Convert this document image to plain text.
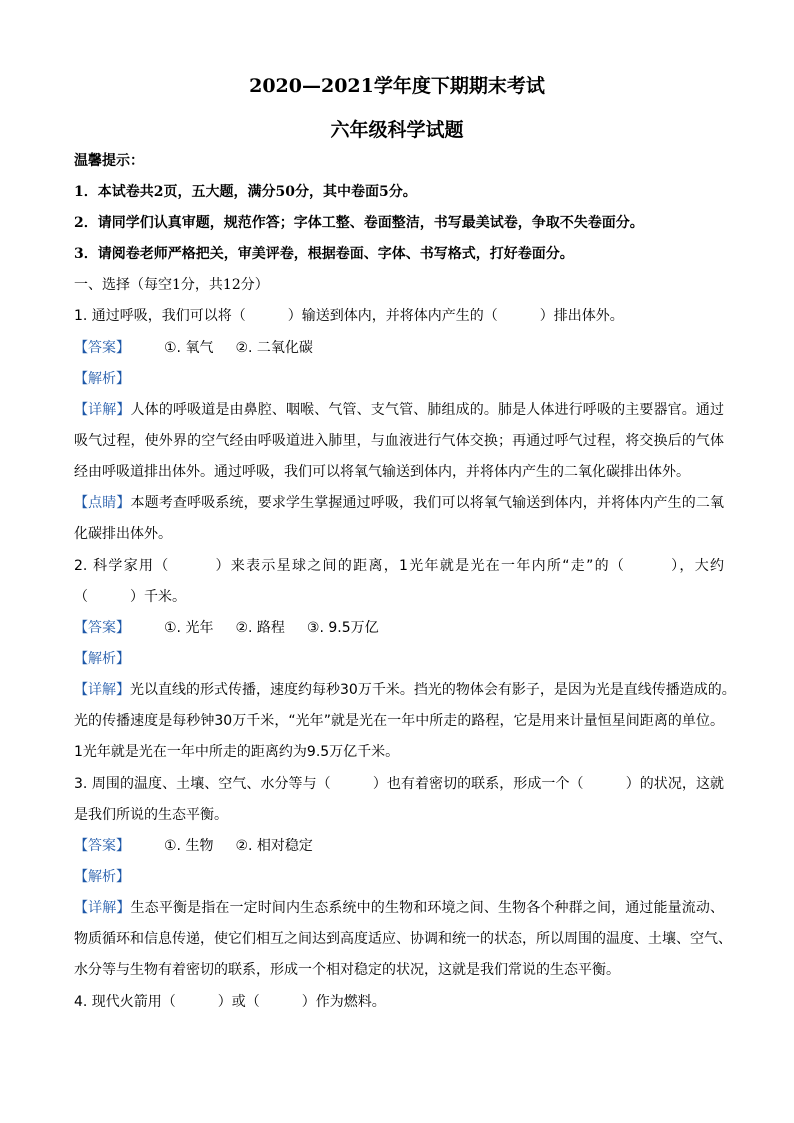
2020—2021学年度下期期末考试
六年级科学试题
温馨提示：
1．本试卷共2页，五大题，满分50分，其中卷面5分。
2．请同学们认真审题，规范作答；字体工整、卷面整洁，书写最美试卷，争取不失卷面分。
3．请阅卷老师严格把关，审美评卷，根据卷面、字体、书写格式，打好卷面分。
一、选择（每空1分，共12分）
1. 通过呼吸，我们可以将（　　　）输送到体内，并将体内产生的（　　　）排出体外。
【答案】 ①. 氧气 ②. 二氧化碳
【解析】
【详解】人体的呼吸道是由鼻腔、咽喉、气管、支气管、肺组成的。肺是人体进行呼吸的主要器官。通过
吸气过程，使外界的空气经由呼吸道进入肺里，与血液进行气体交换；再通过呼气过程，将交换后的气体
经由呼吸道排出体外。通过呼吸，我们可以将氧气输送到体内，并将体内产生的二氧化碳排出体外。
【点睛】本题考查呼吸系统，要求学生掌握通过呼吸，我们可以将氧气输送到体内，并将体内产生的二氧
化碳排出体外。
2. 科学家用（　　　）来表示星球之间的距离，1光年就是光在一年内所“走”的（　　　），大约
（　　　）千米。
【答案】 ①. 光年 ②. 路程 ③. 9.5万亿
【解析】
【详解】光以直线的形式传播，速度约每秒30万千米。挡光的物体会有影子，是因为光是直线传播造成的。
光的传播速度是每秒钟30万千米，“光年”就是光在一年中所走的路程，它是用来计量恒星间距离的单位。
1光年就是光在一年中所走的距离约为9.5万亿千米。
3. 周围的温度、土壤、空气、水分等与（　　　）也有着密切的联系，形成一个（　　　）的状况，这就
是我们所说的生态平衡。
【答案】 ①. 生物 ②. 相对稳定
【解析】
【详解】生态平衡是指在一定时间内生态系统中的生物和环境之间、生物各个种群之间，通过能量流动、
物质循环和信息传递，使它们相互之间达到高度适应、协调和统一的状态，所以周围的温度、土壤、空气、
水分等与生物有着密切的联系，形成一个相对稳定的状况，这就是我们常说的生态平衡。
4. 现代火箭用（　　　）或（　　　）作为燃料。
